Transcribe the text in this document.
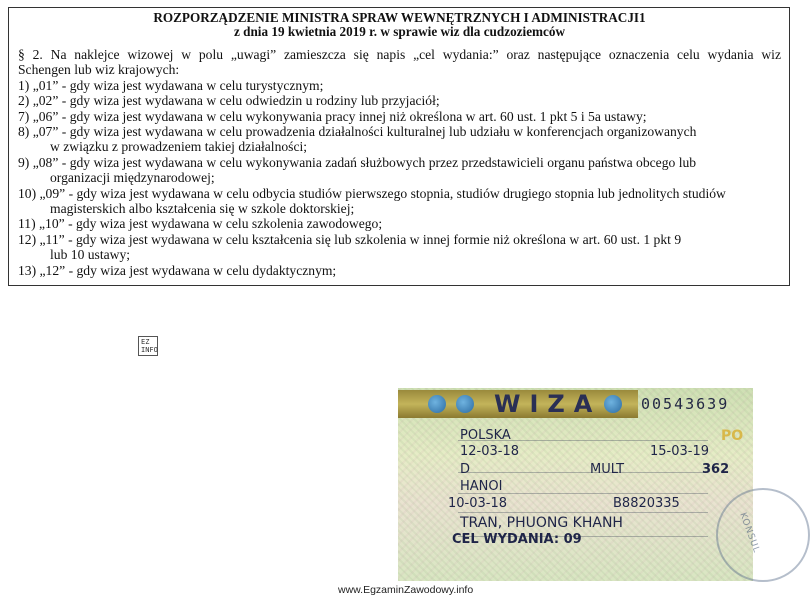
ROZPORZĄDZENIE MINISTRA SPRAW WEWNĘTRZNYCH I ADMINISTRACJI1
z dnia 19 kwietnia 2019 r. w sprawie wiz dla cudzoziemców

§ 2. Na naklejce wizowej w polu „uwagi” zamieszcza się napis „cel wydania:” oraz następujące oznaczenia celu wydania wiz

Schengen lub wiz krajowych:

1) „01” - gdy wiza jest wydawana w celu turystycznym;

2) „02” - gdy wiza jest wydawana w celu odwiedzin u rodziny lub przyjaciół;

7) „06” - gdy wiza jest wydawana w celu wykonywania pracy innej niż określona w art. 60 ust. 1 pkt 5 i 5a ustawy;

8) „07” - gdy wiza jest wydawana w celu prowadzenia działalności kulturalnej lub udziału w konferencjach organizowanych

w związku z prowadzeniem takiej działalności;

9) „08” - gdy wiza jest wydawana w celu wykonywania zadań służbowych przez przedstawicieli organu państwa obcego lub

organizacji międzynarodowej;

10) „09” - gdy wiza jest wydawana w celu odbycia studiów pierwszego stopnia, studiów drugiego stopnia lub jednolitych studiów

magisterskich albo kształcenia się w szkole doktorskiej;

11) „10” - gdy wiza jest wydawana w celu szkolenia zawodowego;

12) „11” - gdy wiza jest wydawana w celu kształcenia się lub szkolenia w innej formie niż określona w art. 60 ust. 1 pkt 9

lub 10 ustawy;

13) „12” - gdy wiza jest wydawana w celu dydaktycznym;

EZ INFO
WIZA	00543639
POLSKA
12-03-18	15-03-19
D	MULT	362
HANOI
10-03-18	B8820335
TRAN, PHUONG KHANH
CEL WYDANIA: 09
PO
KONSUL
www.EgzaminZawodowy.info
